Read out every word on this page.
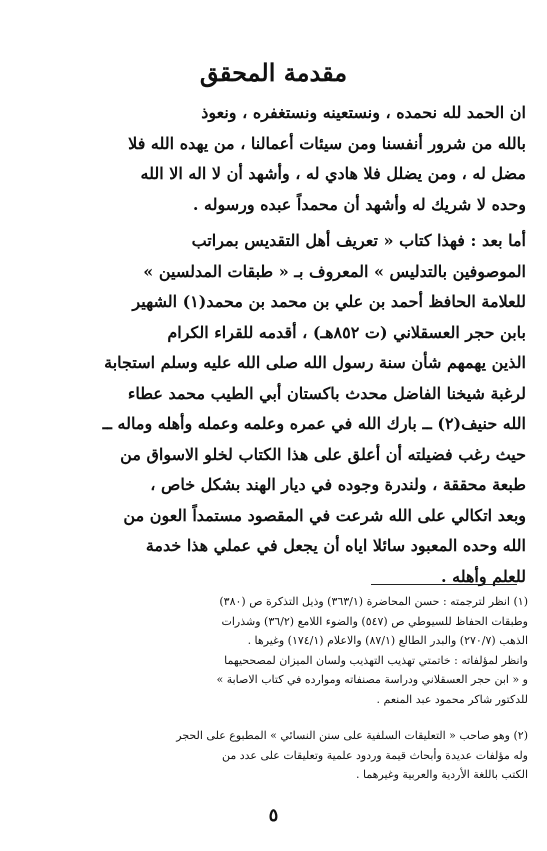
مقدمة المحقق
ان الحمد لله نحمده ، ونستعينه ونستغفره ، ونعوذ
بالله من شرور أنفسنا ومن سيئات أعمالنا ، من يهده الله فلا
مضل له ، ومن يضلل فلا هادي له ، وأشهد أن لا اله الا الله
وحده لا شريك له وأشهد أن محمداً عبده ورسوله .
أما بعد : فهذا كتاب « تعريف أهل التقديس بمراتب
الموصوفين بالتدليس » المعروف بـ « طبقات المدلسين »
للعلامة الحافظ أحمد بن علي بن محمد بن محمد(١) الشهير
بابن حجر العسقلاني (ت ٨٥٢هـ) ، أقدمه للقراء الكرام
الذين يهمهم شأن سنة رسول الله صلى الله عليه وسلم استجابة
لرغبة شيخنا الفاضل محدث باكستان أبي الطيب محمد عطاء
الله حنيف(٢) ــ بارك الله في عمره وعلمه وعمله وأهله وماله ــ
حيث رغب فضيلته أن أعلق على هذا الكتاب لخلو الاسواق من
طبعة محققة ، ولندرة وجوده في ديار الهند بشكل خاص ،
وبعد اتكالي على الله شرعت في المقصود مستمداً العون من
الله وحده المعبود سائلا اياه أن يجعل في عملي هذا خدمة
للعلم وأهله .
(١) انظر لترجمته : حسن المحاضرة (٣٦٣/١) وذيل التذكرة ص (٣٨٠)
وطبقات الحفاظ للسيوطي ص (٥٤٧) والضوء اللامع (٣٦/٢) وشذرات
الذهب (٢٧٠/٧) والبدر الطالع (٨٧/١) والاعلام (١٧٤/١) وغيرها .
وانظر لمؤلفاته : خاتمتي تهذيب التهذيب ولسان الميزان لمصححيهما
و « ابن حجر العسقلاني ودراسة مصنفاته وموارده في كتاب الاصابة »
للدكتور شاكر محمود عبد المنعم .
(٢) وهو صاحب « التعليقات السلفية على سنن النسائي » المطبوع على الحجر
وله مؤلفات عديدة وأبحاث قيمة وردود علمية وتعليقات على عدد من
الكتب باللغة الأردية والعربية وغيرهما .
٥
